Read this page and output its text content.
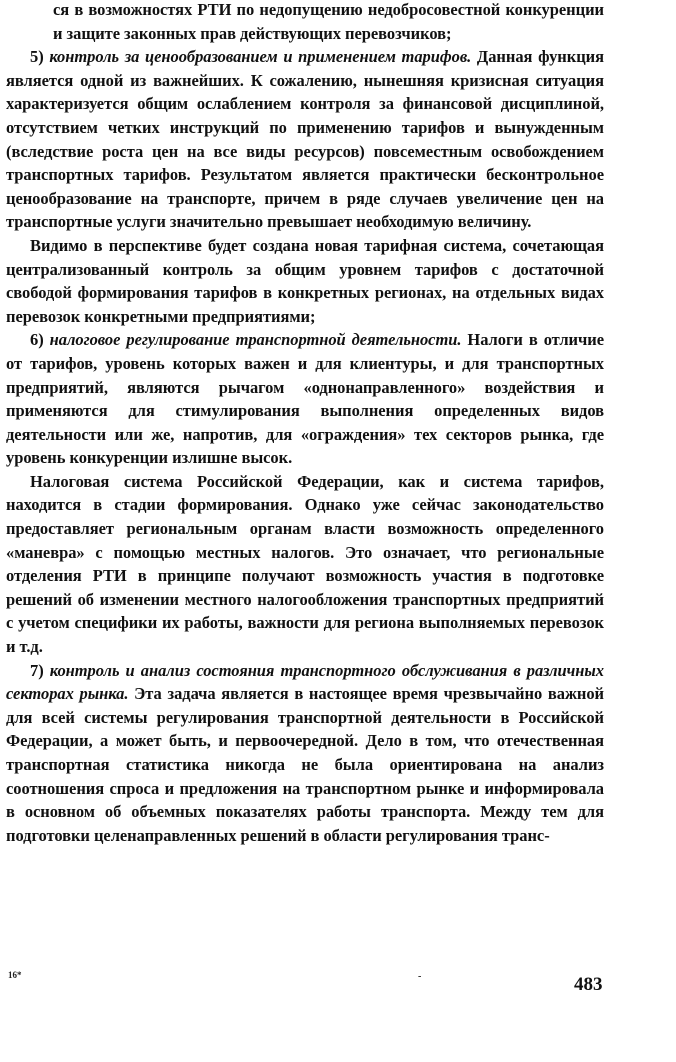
ся в возможностях РТИ по недопущению недобросовестной конкуренции и защите законных прав действующих перевозчиков;

5) контроль за ценообразованием и применением тарифов. Данная функция является одной из важнейших. К сожалению, нынешняя кризисная ситуация характеризуется общим ослаблением контроля за финансовой дисциплиной, отсутствием четких инструкций по применению тарифов и вынужденным (вследствие роста цен на все виды ресурсов) повсеместным освобождением транспортных тарифов. Результатом является практически бесконтрольное ценообразование на транспорте, причем в ряде случаев увеличение цен на транспортные услуги значительно превышает необходимую величину.

Видимо в перспективе будет создана новая тарифная система, сочетающая централизованный контроль за общим уровнем тарифов с достаточной свободой формирования тарифов в конкретных регионах, на отдельных видах перевозок конкретными предприятиями;

6) налоговое регулирование транспортной деятельности. Налоги в отличие от тарифов, уровень которых важен и для клиентуры, и для транспортных предприятий, являются рычагом «однонаправленного» воздействия и применяются для стимулирования выполнения определенных видов деятельности или же, напротив, для «ограждения» тех секторов рынка, где уровень конкуренции излишне высок.

Налоговая система Российской Федерации, как и система тарифов, находится в стадии формирования. Однако уже сейчас законодательство предоставляет региональным органам власти возможность определенного «маневра» с помощью местных налогов. Это означает, что региональные отделения РТИ в принципе получают возможность участия в подготовке решений об изменении местного налогообложения транспортных предприятий с учетом специфики их работы, важности для региона выполняемых перевозок и т.д.

7) контроль и анализ состояния транспортного обслуживания в различных секторах рынка. Эта задача является в настоящее время чрезвычайно важной для всей системы регулирования транспортной деятельности в Российской Федерации, а может быть, и первоочередной. Дело в том, что отечественная транспортная статистика никогда не была ориентирована на анализ соотношения спроса и предложения на транспортном рынке и информировала в основном об объемных показателях работы транспорта. Между тем для подготовки целенаправленных решений в области регулирования транс-

16*	-	483
